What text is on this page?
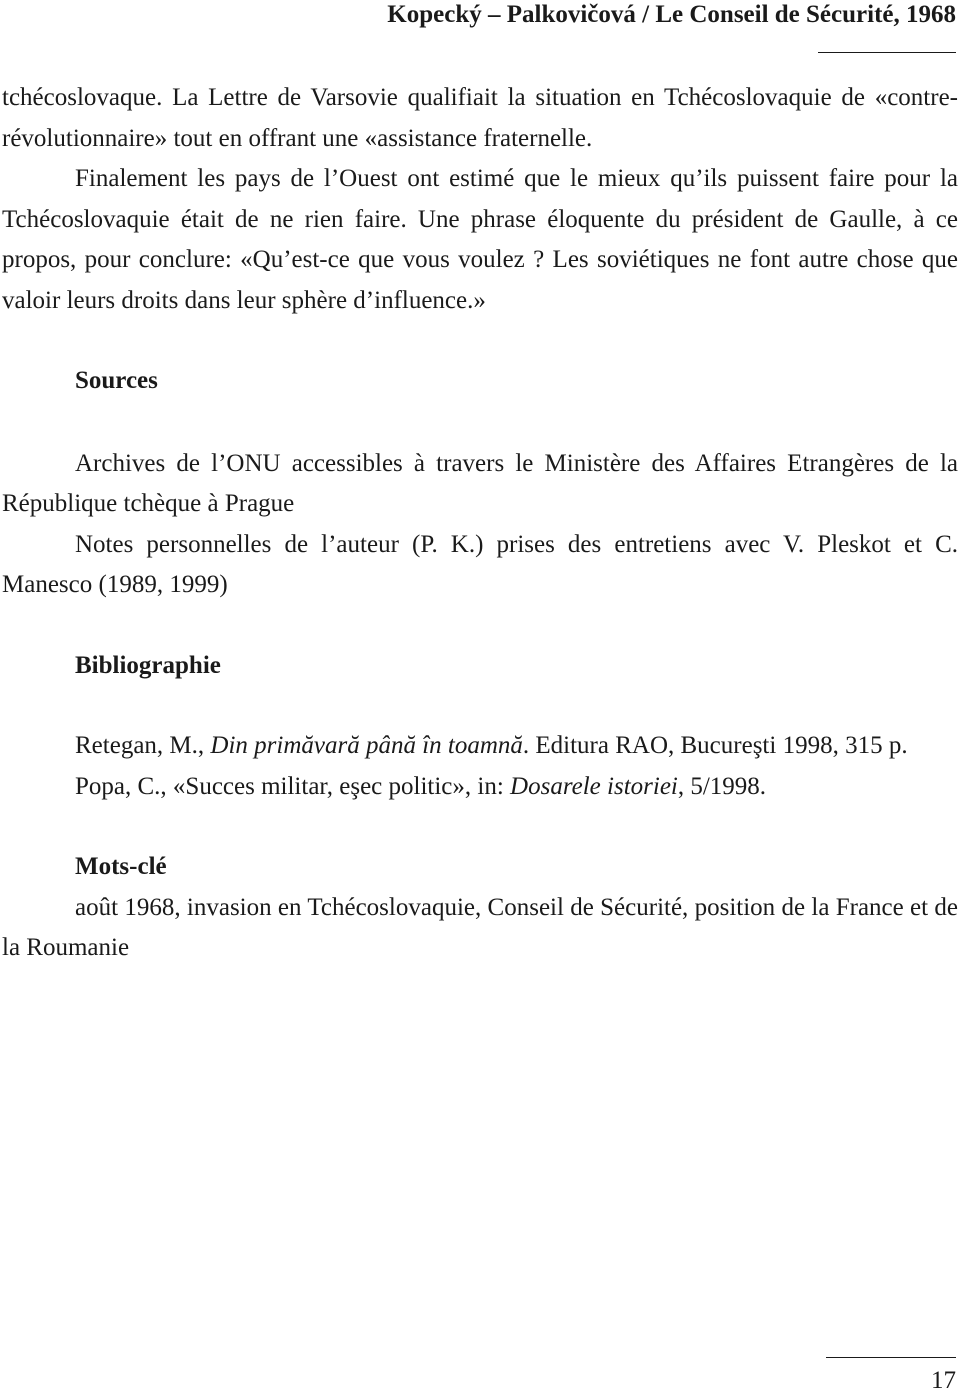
Kopecký – Palkovičová / Le Conseil de Sécurité, 1968

tchécoslovaque. La Lettre de Varsovie qualifiait la situation en Tchécoslovaquie de «contre-révolutionnaire» tout en offrant une «assistance fraternelle.

Finalement les pays de l’Ouest ont estimé que le mieux qu’ils puissent faire pour la Tchécoslovaquie était de ne rien faire. Une phrase éloquente du président de Gaulle, à ce propos, pour conclure: «Qu’est-ce que vous voulez ? Les soviétiques ne font autre chose que valoir leurs droits dans leur sphère d’influence.»

Sources

Archives de l’ONU accessibles à travers le Ministère des Affaires Etrangères de la République tchèque à Prague

Notes personnelles de l’auteur (P. K.) prises des entretiens avec V. Pleskot et C. Manesco (1989, 1999)

Bibliographie

Retegan, M., Din primăvară până în toamnă. Editura RAO, Bucureşti 1998, 315 p.

Popa, C., «Succes militar, eşec politic», in: Dosarele istoriei, 5/1998.

Mots-clé

août 1968, invasion en Tchécoslovaquie, Conseil de Sécurité, position de la France et de la Roumanie

17
